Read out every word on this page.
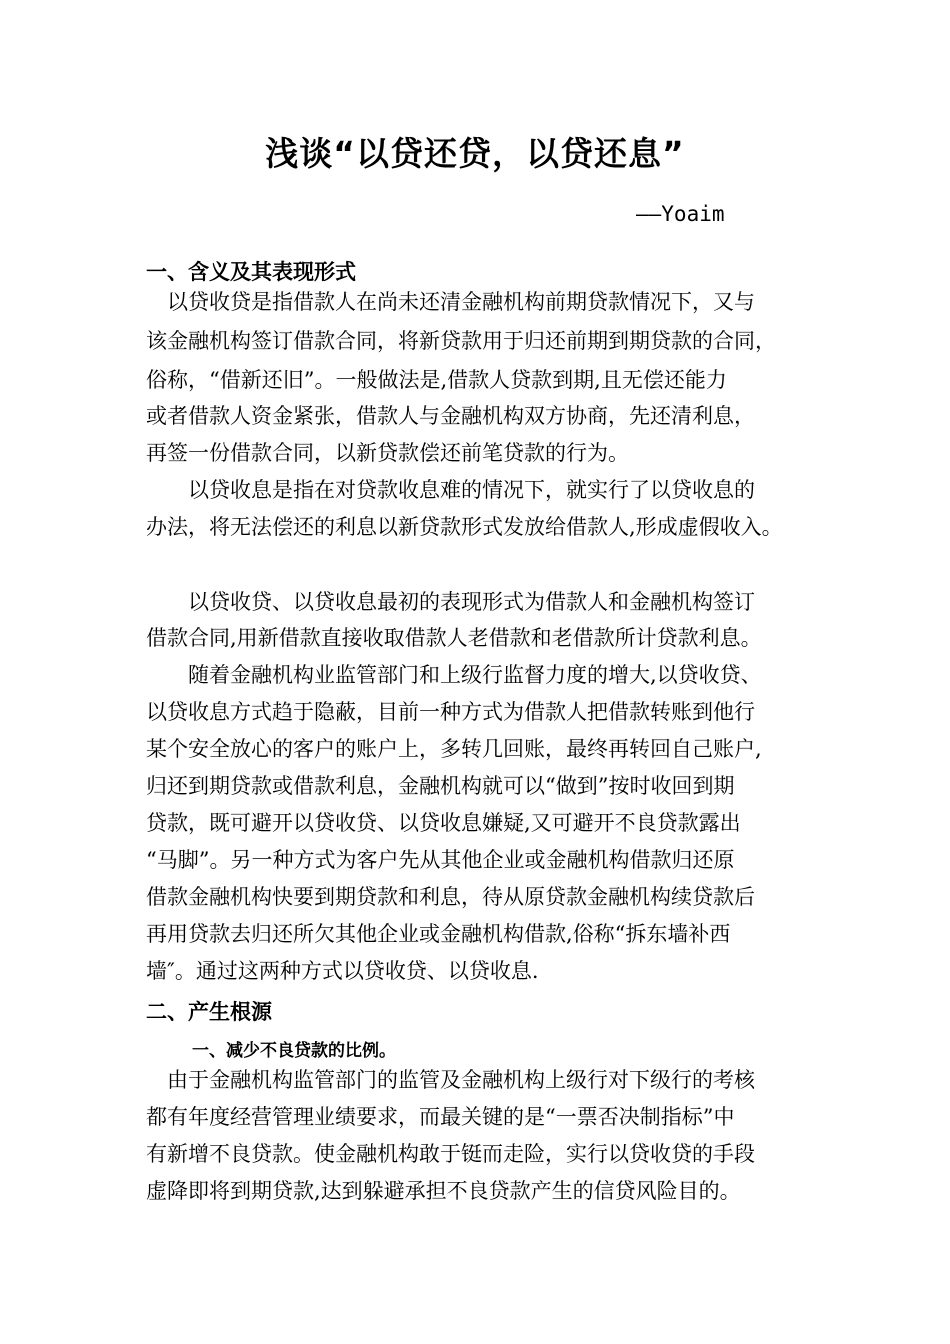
浅谈“以贷还贷，以贷还息”
——Yoaim
一、含义及其表现形式
　以贷收贷是指借款人在尚未还清金融机构前期贷款情况下，又与
该金融机构签订借款合同，将新贷款用于归还前期到期贷款的合同，
俗称，“借新还旧”。一般做法是,借款人贷款到期,且无偿还能力
或者借款人资金紧张，借款人与金融机构双方协商，先还清利息，
再签一份借款合同，以新贷款偿还前笔贷款的行为。
　　以贷收息是指在对贷款收息难的情况下，就实行了以贷收息的
办法，将无法偿还的利息以新贷款形式发放给借款人,形成虚假收入。
　　以贷收贷、以贷收息最初的表现形式为借款人和金融机构签订
借款合同,用新借款直接收取借款人老借款和老借款所计贷款利息。
　　随着金融机构业监管部门和上级行监督力度的增大,以贷收贷、
以贷收息方式趋于隐蔽，目前一种方式为借款人把借款转账到他行
某个安全放心的客户的账户上，多转几回账，最终再转回自己账户,
归还到期贷款或借款利息，金融机构就可以“做到”按时收回到期
贷款，既可避开以贷收贷、以贷收息嫌疑,又可避开不良贷款露出
“马脚”。另一种方式为客户先从其他企业或金融机构借款归还原
借款金融机构快要到期贷款和利息，待从原贷款金融机构续贷款后
再用贷款去归还所欠其他企业或金融机构借款,俗称“拆东墙补西
墙″。通过这两种方式以贷收贷、以贷收息.
二、产生根源
一、减少不良贷款的比例。
　由于金融机构监管部门的监管及金融机构上级行对下级行的考核
都有年度经营管理业绩要求，而最关键的是“一票否决制指标”中
有新增不良贷款。使金融机构敢于铤而走险，实行以贷收贷的手段
虚降即将到期贷款,达到躲避承担不良贷款产生的信贷风险目的。
